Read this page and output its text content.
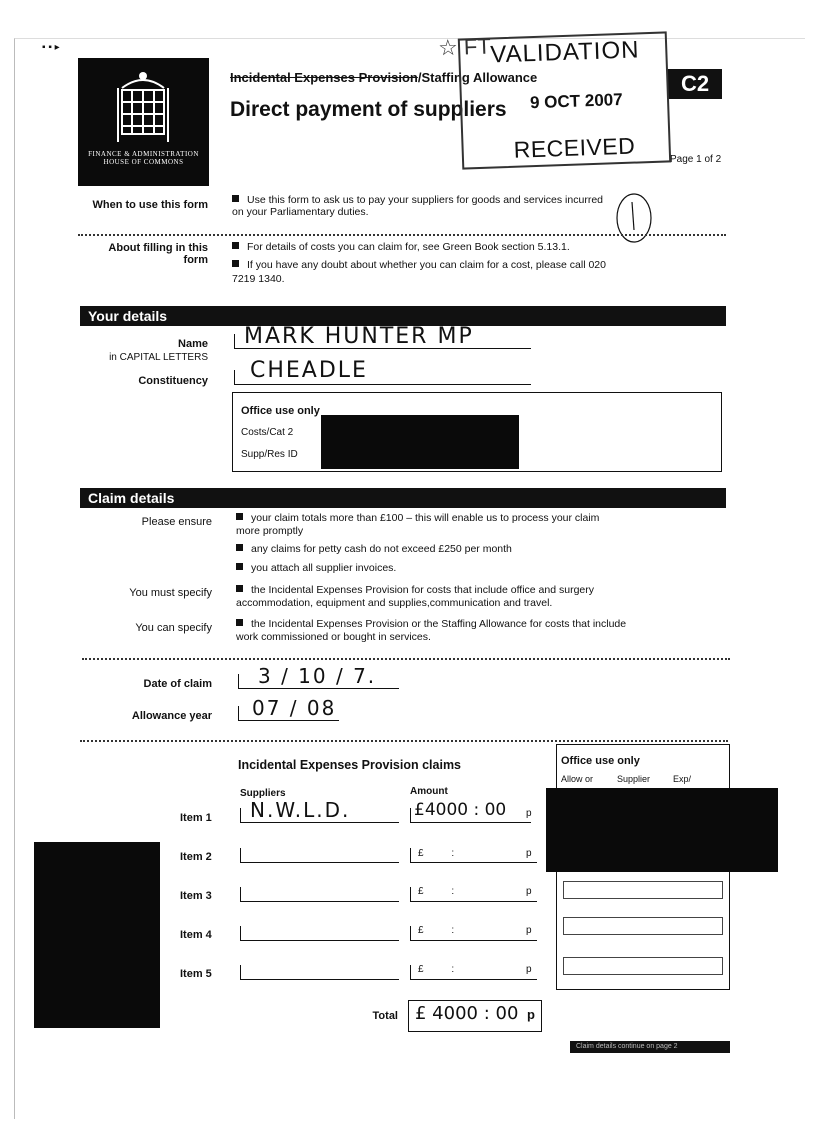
▪ ▪ ▸
FINANCE & ADMINISTRATION HOUSE OF COMMONS
Incidental Expenses Provision/Staffing Allowance
Direct payment of suppliers
C2
Page 1 of 2
☆ FT
VALIDATION
9 OCT 2007
RECEIVED
When to use this form	Use this form to ask us to pay your suppliers for goods and services incurred on your Parliamentary duties.
About filling in this form
For details of costs you can claim for, see Green Book section 5.13.1.
If you have any doubt about whether you can claim for a cost, please call 020 7219 1340.
Your details
Name
in CAPITAL LETTERS
MARK HUNTER MP
Constituency CHEADLE
Office use only
Costs/Cat 2
Supp/Res ID
Claim details
Please ensure	your claim totals more than £100 – this will enable us to process your claim more promptly
any claims for petty cash do not exceed £250 per month
you attach all supplier invoices.
You must specify	the Incidental Expenses Provision for costs that include office and surgery accommodation, equipment and supplies,communication and travel.
You can specify	the Incidental Expenses Provision or the Staffing Allowance for costs that include work commissioned or bought in services.
Date of claim 3 / 10 / 7.
Allowance year 07 / 08
Incidental Expenses Provision claims
Suppliers	Amount
Item 1 N.W.L.D.	£4000 : 00 p
Item 2	£          :	p
Item 3	£          :	p
Item 4	£          :	p
Item 5	£          :	p
Total £ 4000 : 00 p
Office use only
Allow or	Supplier	Exp/
Claim details continue on page 2
